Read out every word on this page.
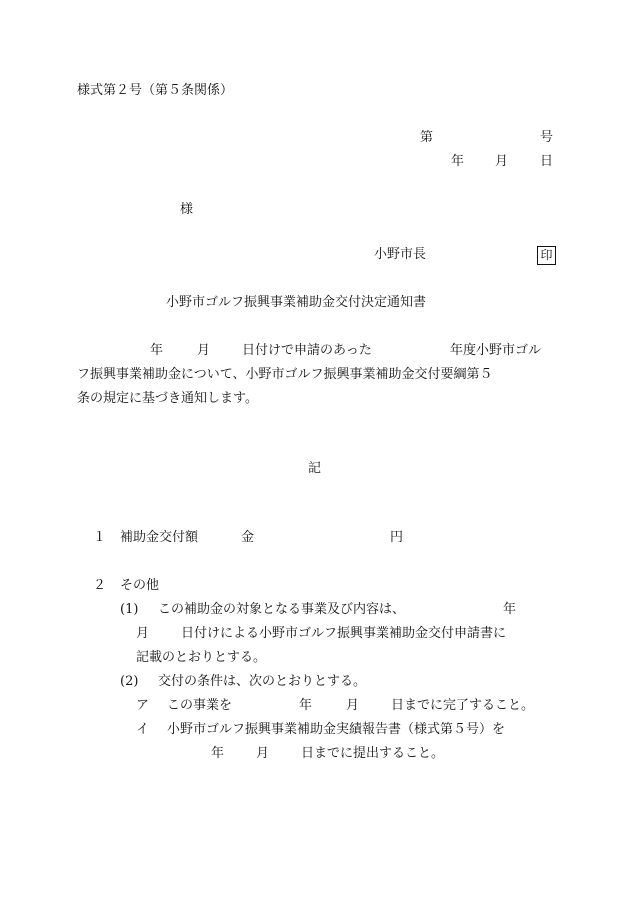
様式第２号（第５条関係）
第	号
年 月 日
様
小野市長	印
小野市ゴルフ振興事業補助金交付決定通知書
年	月 日付けで申請のあった	年度小野市ゴル
フ振興事業補助金について、小野市ゴルフ振興事業補助金交付要綱第５
条の規定に基づき通知します。
記
１ 補助金交付額	金	円
２ その他
(1) この補助金の対象となる事業及び内容は、	年
月 日付けによる小野市ゴルフ振興事業補助金交付申請書に
記載のとおりとする。
(2) 交付の条件は、次のとおりとする。
ア この事業を	年	月 日までに完了すること。
イ 小野市ゴルフ振興事業補助金実績報告書（様式第５号）を
年 月 日までに提出すること。
